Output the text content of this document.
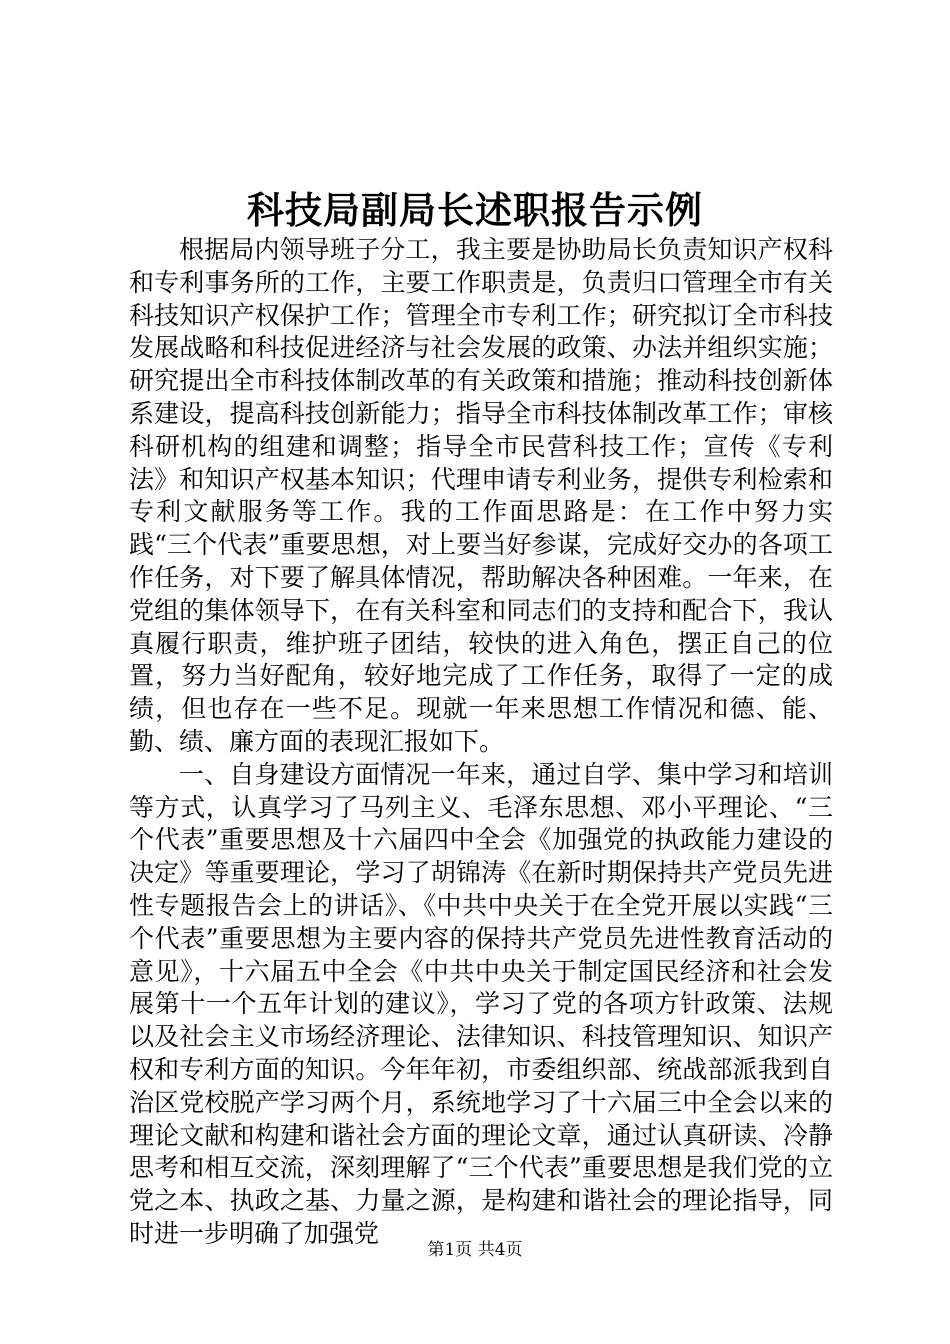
科技局副局长述职报告示例

根据局内领导班子分工，我主要是协助局长负责知识产权科和专利事务所的工作，主要工作职责是，负责归口管理全市有关科技知识产权保护工作；管理全市专利工作；研究拟订全市科技发展战略和科技促进经济与社会发展的政策、办法并组织实施；研究提出全市科技体制改革的有关政策和措施；推动科技创新体系建设，提高科技创新能力；指导全市科技体制改革工作；审核科研机构的组建和调整；指导全市民营科技工作；宣传《专利法》和知识产权基本知识；代理申请专利业务，提供专利检索和专利文献服务等工作。我的工作面思路是：在工作中努力实践“三个代表”重要思想，对上要当好参谋，完成好交办的各项工作任务，对下要了解具体情况，帮助解决各种困难。一年来，在党组的集体领导下，在有关科室和同志们的支持和配合下，我认真履行职责，维护班子团结，较快的进入角色，摆正自己的位置，努力当好配角，较好地完成了工作任务，取得了一定的成绩，但也存在一些不足。现就一年来思想工作情况和德、能、勤、绩、廉方面的表现汇报如下。

一、自身建设方面情况一年来，通过自学、集中学习和培训等方式，认真学习了马列主义、毛泽东思想、邓小平理论、“三个代表”重要思想及十六届四中全会《加强党的执政能力建设的决定》等重要理论，学习了胡锦涛《在新时期保持共产党员先进性专题报告会上的讲话》、《中共中央关于在全党开展以实践“三个代表”重要思想为主要内容的保持共产党员先进性教育活动的意见》，十六届五中全会《中共中央关于制定国民经济和社会发展第十一个五年计划的建议》，学习了党的各项方针政策、法规以及社会主义市场经济理论、法律知识、科技管理知识、知识产权和专利方面的知识。今年年初，市委组织部、统战部派我到自治区党校脱产学习两个月，系统地学习了十六届三中全会以来的理论文献和构建和谐社会方面的理论文章，通过认真研读、冷静思考和相互交流，深刻理解了“三个代表”重要思想是我们党的立党之本、执政之基、力量之源，是构建和谐社会的理论指导，同时进一步明确了加强党

第1页 共4页
